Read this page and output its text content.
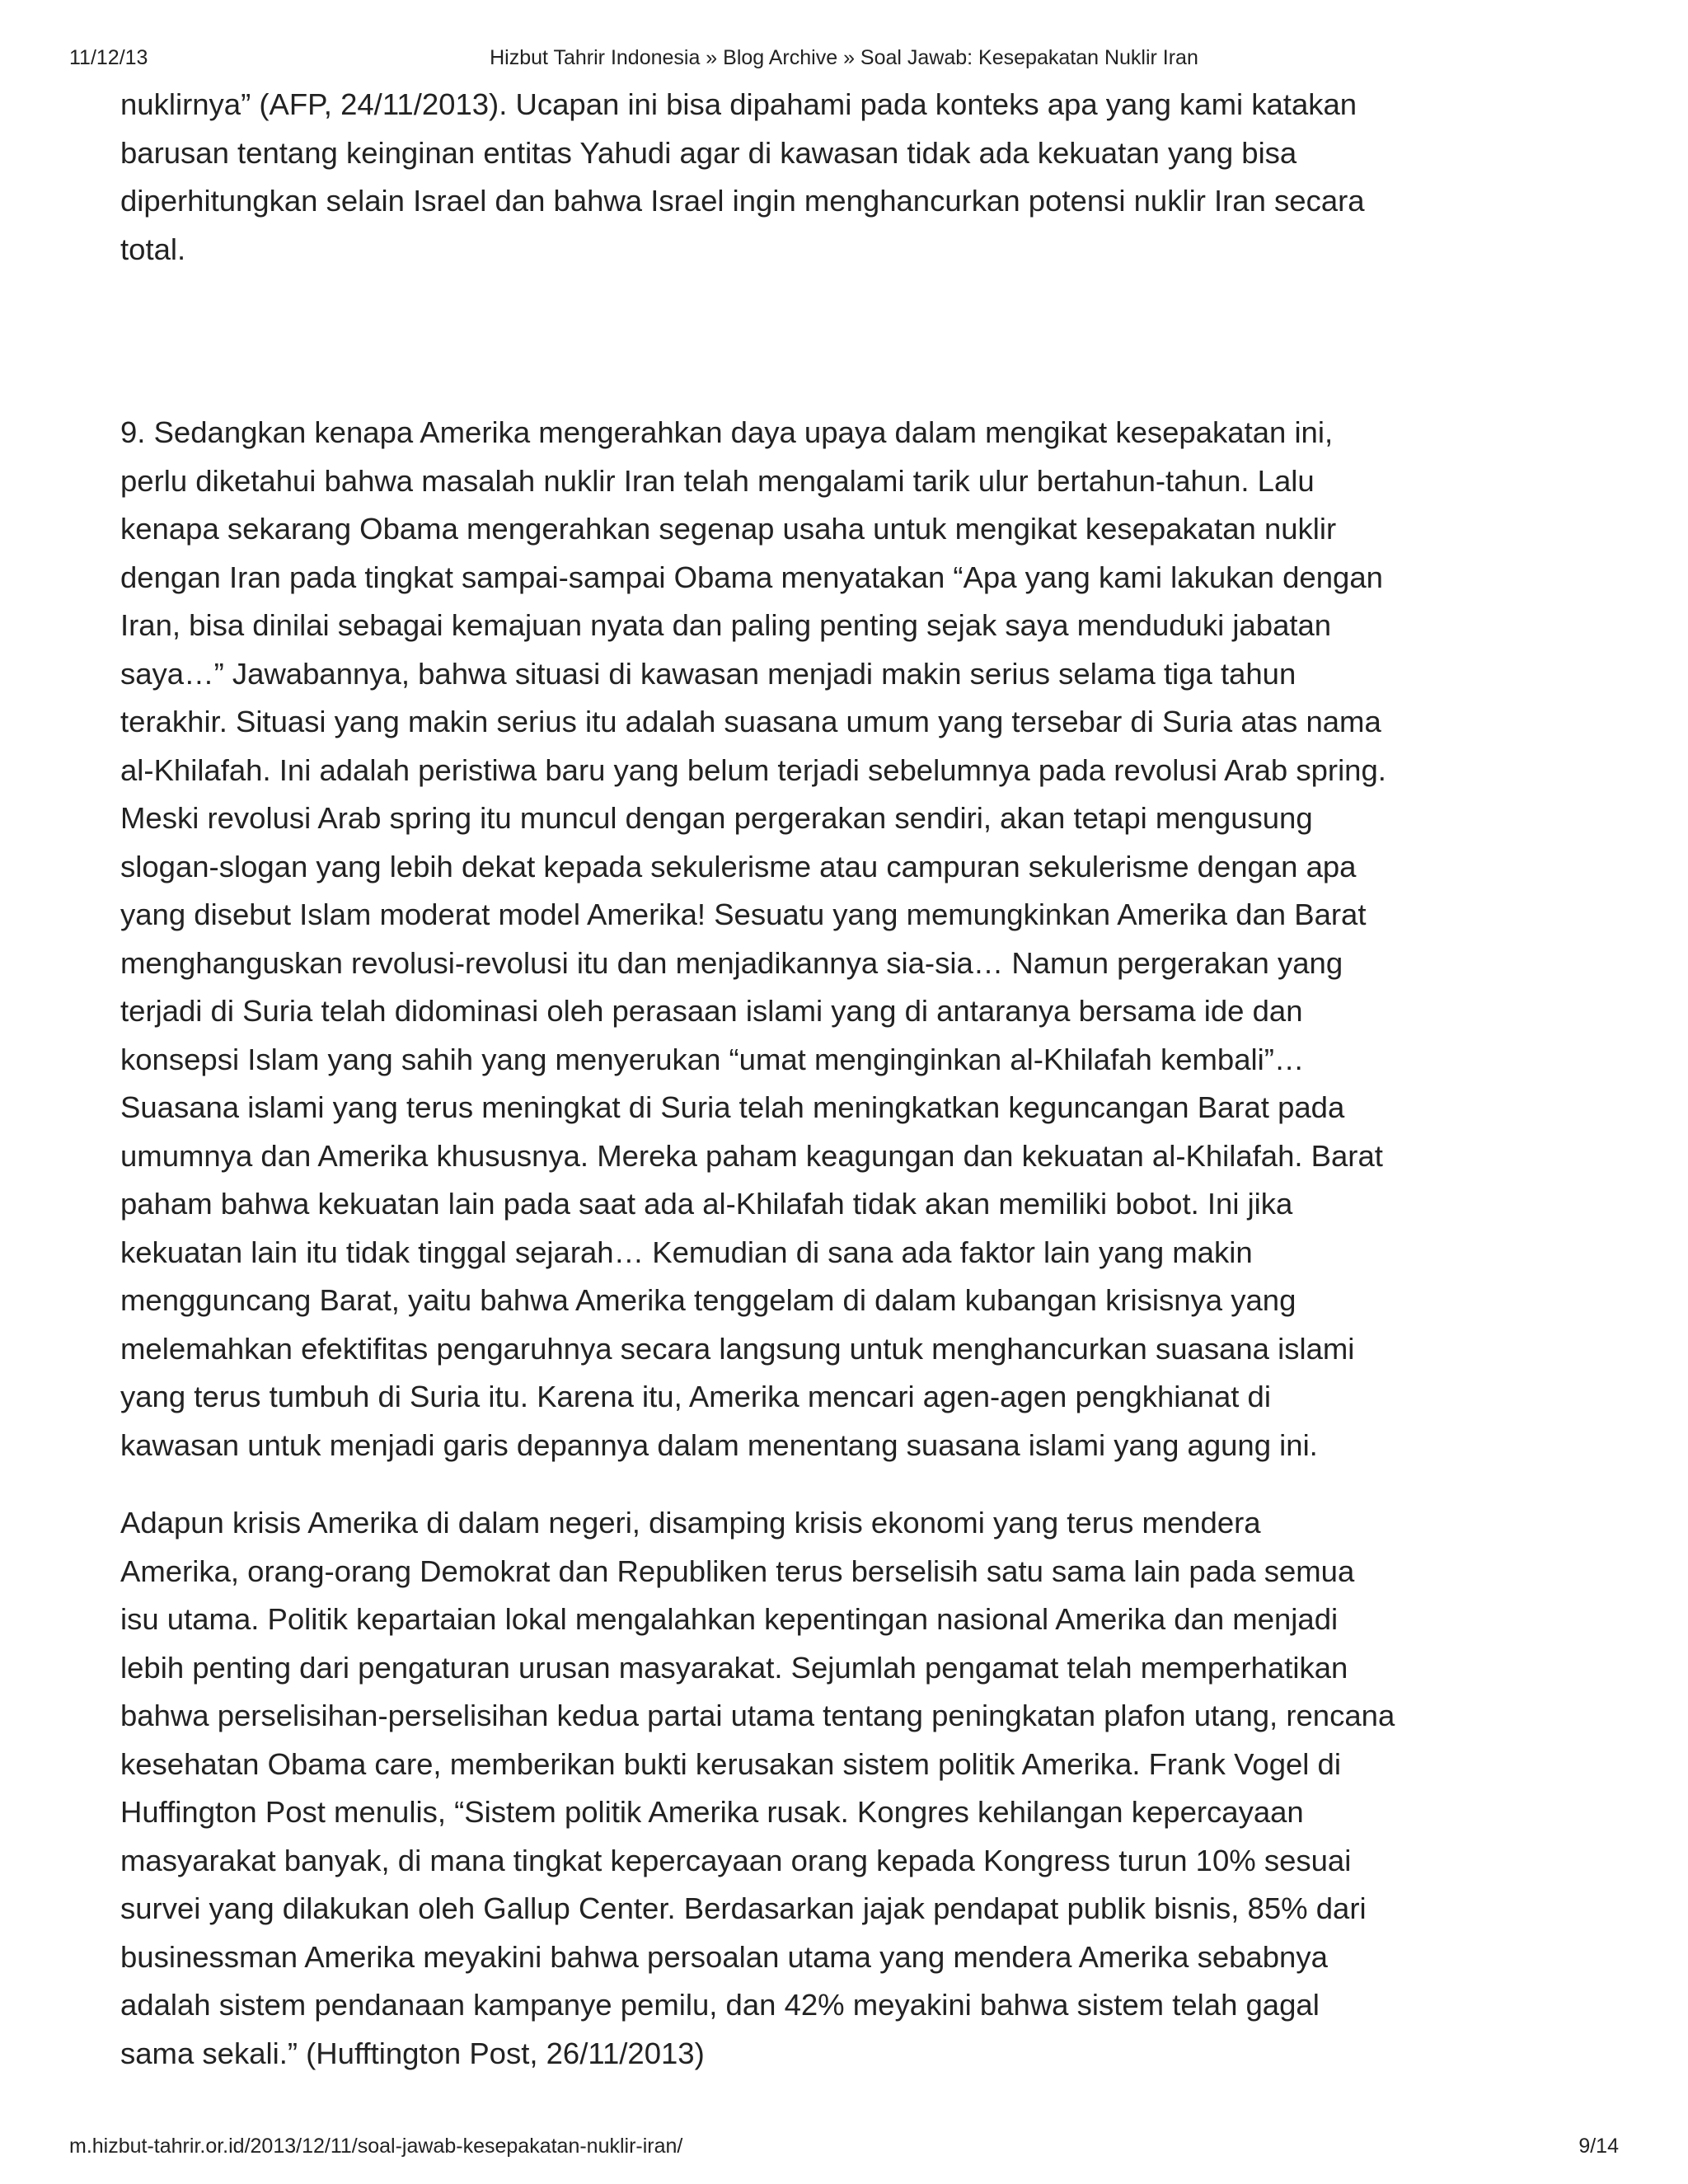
11/12/13	Hizbut Tahrir Indonesia » Blog Archive » Soal Jawab: Kesepakatan Nuklir Iran

nuklirnya” (AFP, 24/11/2013). Ucapan ini bisa dipahami pada konteks apa yang kami katakan
barusan tentang keinginan entitas Yahudi agar di kawasan tidak ada kekuatan yang bisa
diperhitungkan selain Israel dan bahwa Israel ingin menghancurkan potensi nuklir Iran secara
total.

9. Sedangkan kenapa Amerika mengerahkan daya upaya dalam mengikat kesepakatan ini,
perlu diketahui bahwa masalah nuklir Iran telah mengalami tarik ulur bertahun-tahun. Lalu
kenapa sekarang Obama mengerahkan segenap usaha untuk mengikat kesepakatan nuklir
dengan Iran pada tingkat sampai-sampai Obama menyatakan “Apa yang kami lakukan dengan
Iran, bisa dinilai sebagai kemajuan nyata dan paling penting sejak saya menduduki jabatan
saya…” Jawabannya, bahwa situasi di kawasan menjadi makin serius selama tiga tahun
terakhir. Situasi yang makin serius itu adalah suasana umum yang tersebar di Suria atas nama
al-Khilafah. Ini adalah peristiwa baru yang belum terjadi sebelumnya pada revolusi Arab spring.
Meski revolusi Arab spring itu muncul dengan pergerakan sendiri, akan tetapi mengusung
slogan-slogan yang lebih dekat kepada sekulerisme atau campuran sekulerisme dengan apa
yang disebut Islam moderat model Amerika! Sesuatu yang memungkinkan Amerika dan Barat
menghanguskan revolusi-revolusi itu dan menjadikannya sia-sia… Namun pergerakan yang
terjadi di Suria telah didominasi oleh perasaan islami yang di antaranya bersama ide dan
konsepsi Islam yang sahih yang menyerukan “umat menginginkan al-Khilafah kembali”…
Suasana islami yang terus meningkat di Suria telah meningkatkan keguncangan Barat pada
umumnya dan Amerika khususnya. Mereka paham keagungan dan kekuatan al-Khilafah. Barat
paham bahwa kekuatan lain pada saat ada al-Khilafah tidak akan memiliki bobot. Ini jika
kekuatan lain itu tidak tinggal sejarah… Kemudian di sana ada faktor lain yang makin
mengguncang Barat, yaitu bahwa Amerika tenggelam di dalam kubangan krisisnya yang
melemahkan efektifitas pengaruhnya secara langsung untuk menghancurkan suasana islami
yang terus tumbuh di Suria itu. Karena itu, Amerika mencari agen-agen pengkhianat di
kawasan untuk menjadi garis depannya dalam menentang suasana islami yang agung ini.

Adapun krisis Amerika di dalam negeri, disamping krisis ekonomi yang terus mendera
Amerika, orang-orang Demokrat dan Republiken terus berselisih satu sama lain pada semua
isu utama. Politik kepartaian lokal mengalahkan kepentingan nasional Amerika dan menjadi
lebih penting dari pengaturan urusan masyarakat. Sejumlah pengamat telah memperhatikan
bahwa perselisihan-perselisihan kedua partai utama tentang peningkatan plafon utang, rencana
kesehatan Obama care, memberikan bukti kerusakan sistem politik Amerika. Frank Vogel di
Huffington Post menulis, “Sistem politik Amerika rusak. Kongres kehilangan kepercayaan
masyarakat banyak, di mana tingkat kepercayaan orang kepada Kongress turun 10% sesuai
survei yang dilakukan oleh Gallup Center. Berdasarkan jajak pendapat publik bisnis, 85% dari
businessman Amerika meyakini bahwa persoalan utama yang mendera Amerika sebabnya
adalah sistem pendanaan kampanye pemilu, dan 42% meyakini bahwa sistem telah gagal
sama sekali.” (Hufftington Post, 26/11/2013)

m.hizbut-tahrir.or.id/2013/12/11/soal-jawab-kesepakatan-nuklir-iran/	9/14
